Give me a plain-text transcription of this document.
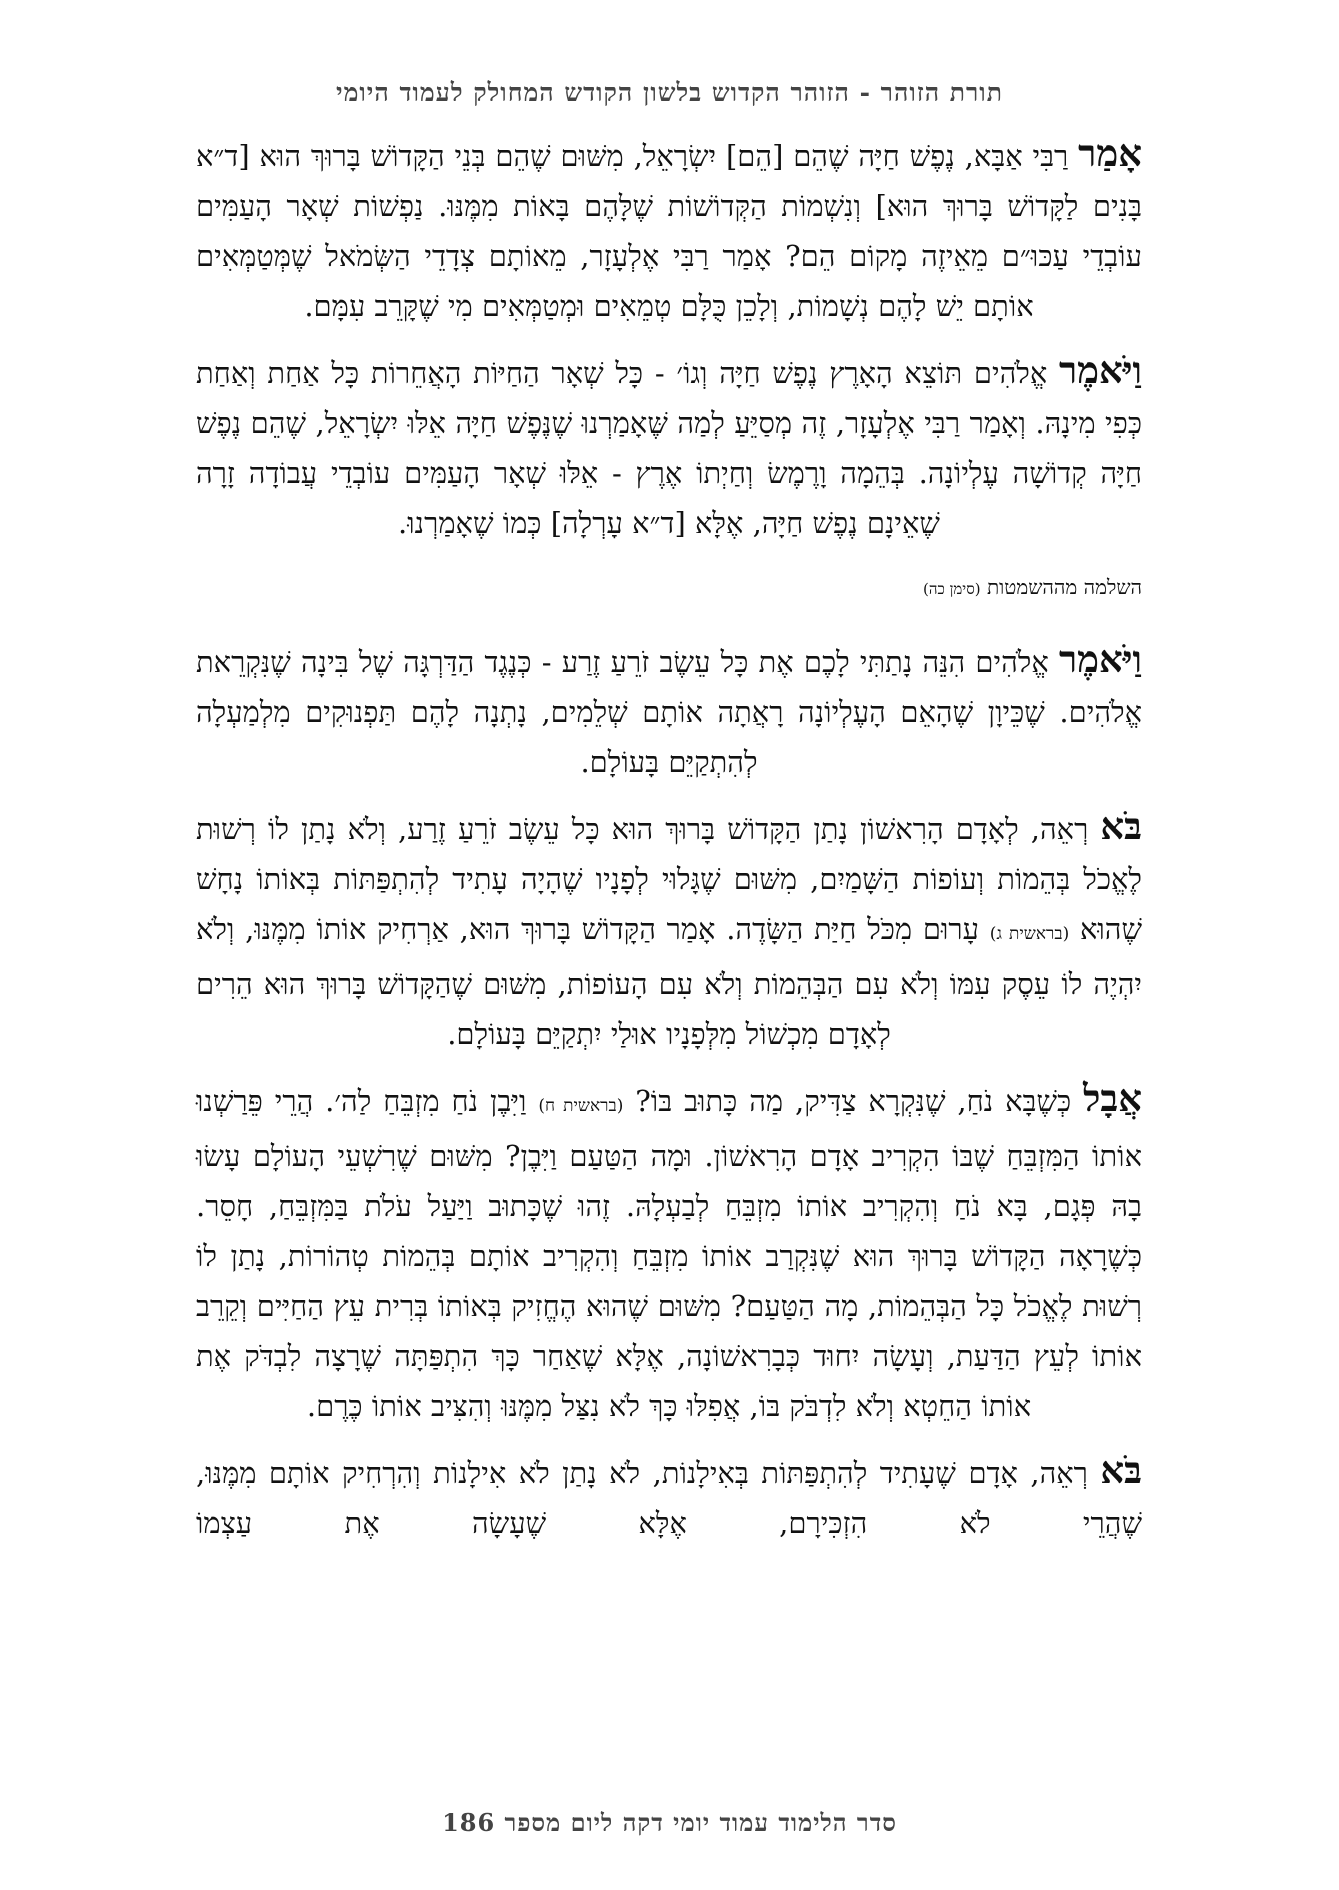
תורת הזוהר - הזוהר הקדוש בלשון הקודש המחולק לעמוד היומי

אָמַר רַבִּי אַבָּא, נֶפֶשׁ חַיָּה שֶׁהֵם [הֵם] יִשְׂרָאֵל, מִשּׁוּם שֶׁהֵם בְּנֵי הַקָּדוֹשׁ בָּרוּךְ הוּא [ד״א בָּנִים לַקָּדוֹשׁ בָּרוּךְ הוּא] וְנִשְׁמוֹת הַקְּדוֹשׁוֹת שֶׁלָּהֶם בָּאוֹת מִמֶּנּוּ. נַפְשׁוֹת שְׁאָר הָעַמִּים עוֹבְדֵי עַכּוּ״ם מֵאֵיזֶה מָקוֹם הֵם? אָמַר רַבִּי אֶלְעָזָר, מֵאוֹתָם צְדָדֵי הַשְּׂמֹאל שֶׁמְּטַמְּאִים אוֹתָם יֵשׁ לָהֶם נְשָׁמוֹת, וְלָכֵן כֻּלָּם טְמֵאִים וּמְטַמְּאִים מִי שֶׁקָּרֵב עִמָּם.

וַיֹּאמֶר אֱלֹהִים תּוֹצֵא הָאָרֶץ נֶפֶשׁ חַיָּה וְגוֹ׳ - כָּל שְׁאָר הַחַיּוֹת הָאֲחֵרוֹת כָּל אַחַת וְאַחַת כְּפִי מִינָהּ. וְאָמַר רַבִּי אֶלְעָזָר, זֶה מְסַיֵּעַ לְמַה שֶּׁאָמַרְנוּ שֶׁנֶּפֶשׁ חַיָּה אֵלּוּ יִשְׂרָאֵל, שֶׁהֵם נֶפֶשׁ חַיָּה קְדוֹשָׁה עֶלְיוֹנָה. בְּהֵמָה וָרֶמֶשׂ וְחַיְתוֹ אֶרֶץ - אֵלּוּ שְׁאָר הָעַמִּים עוֹבְדֵי עֲבוֹדָה זָרָה שֶׁאֵינָם נֶפֶשׁ חַיָּה, אֶלָּא [ד״א עָרְלָה] כְּמוֹ שֶׁאָמַרְנוּ.

השלמה מההשמטות (סימן כה)

וַיֹּאמֶר אֱלֹהִים הִנֵּה נָתַתִּי לָכֶם אֶת כָּל עֵשֶׂב זֹרֵעַ זֶרַע - כְּנֶגֶד הַדַּרְגָּה שֶׁל בִּינָה שֶׁנִּקְרֵאת אֱלֹהִים. שֶׁכֵּיוָן שֶׁהָאֵם הָעֶלְיוֹנָה רָאֲתָה אוֹתָם שְׁלֵמִים, נָתְנָה לָהֶם תַּפְנוּקִים מִלְמַעְלָה לְהִתְקַיֵּם בָּעוֹלָם.

בֹּא רְאֵה, לְאָדָם הָרִאשׁוֹן נָתַן הַקָּדוֹשׁ בָּרוּךְ הוּא כָּל עֵשֶׂב זֹרֵעַ זֶרַע, וְלֹא נָתַן לוֹ רְשׁוּת לֶאֱכֹל בְּהֵמוֹת וְעוֹפוֹת הַשָּׁמַיִם, מִשּׁוּם שֶׁגָּלוּי לְפָנָיו שֶׁהָיָה עָתִיד לְהִתְפַּתּוֹת בְּאוֹתוֹ נָחָשׁ שֶׁהוּא (בראשית ג) עָרוּם מִכֹּל חַיַּת הַשָּׂדֶה. אָמַר הַקָּדוֹשׁ בָּרוּךְ הוּא, אַרְחִיק אוֹתוֹ מִמֶּנּוּ, וְלֹא יִהְיֶה לוֹ עֵסֶק עִמּוֹ וְלֹא עִם הַבְּהֵמוֹת וְלֹא עִם הָעוֹפוֹת, מִשּׁוּם שֶׁהַקָּדוֹשׁ בָּרוּךְ הוּא הֵרִים לְאָדָם מִכְשׁוֹל מִלְּפָנָיו אוּלַי יִתְקַיֵּם בָּעוֹלָם.

אֲבָל כְּשֶׁבָּא נֹחַ, שֶׁנִּקְרָא צַדִּיק, מַה כָּתוּב בּוֹ? (בראשית ח) וַיִּבֶן נֹחַ מִזְבֵּחַ לַה׳. הֲרֵי פֵּרַשְׁנוּ אוֹתוֹ הַמִּזְבֵּחַ שֶׁבּוֹ הִקְרִיב אָדָם הָרִאשׁוֹן. וּמָה הַטַּעַם וַיִּבֶן? מִשּׁוּם שֶׁרִשְׁעֵי הָעוֹלָם עָשׂוּ בָהּ פְּגָם, בָּא נֹחַ וְהִקְרִיב אוֹתוֹ מִזְבֵּחַ לְבַעְלָהּ. זֶהוּ שֶׁכָּתוּב וַיַּעַל עֹלֹת בַּמִּזְבֵּחַ, חָסֵר. כְּשֶׁרָאָה הַקָּדוֹשׁ בָּרוּךְ הוּא שֶׁנִּקְרַב אוֹתוֹ מִזְבֵּחַ וְהִקְרִיב אוֹתָם בְּהֵמוֹת טְהוֹרוֹת, נָתַן לוֹ רְשׁוּת לֶאֱכֹל כָּל הַבְּהֵמוֹת, מָה הַטַּעַם? מִשּׁוּם שֶׁהוּא הֶחֱזִיק בְּאוֹתוֹ בְּרִית עֵץ הַחַיִּים וְקֵרֵב אוֹתוֹ לְעֵץ הַדַּעַת, וְעָשָׂה יִחוּד כְּבָרִאשׁוֹנָה, אֶלָּא שֶׁאַחַר כָּךְ הִתְפַּתָּה שֶׁרָצָה לִבְדֹּק אֶת אוֹתוֹ הַחֵטְא וְלֹא לִדְבֹּק בּוֹ, אֲפִלּוּ כָּךְ לֹא נִצַּל מִמֶּנּוּ וְהִצִּיב אוֹתוֹ כֶּרֶם.

בֹּא רְאֵה, אָדָם שֶׁעָתִיד לְהִתְפַּתּוֹת בְּאִילָנוֹת, לֹא נָתַן לֹא אִילָנוֹת וְהִרְחִיק אוֹתָם מִמֶּנּוּ, שֶׁהֲרֵי לֹא הִזְכִּירָם, אֶלָּא שֶׁעָשָׂה אֶת עַצְמוֹ

סדר הלימוד עמוד יומי דקה ליום מספר 186
